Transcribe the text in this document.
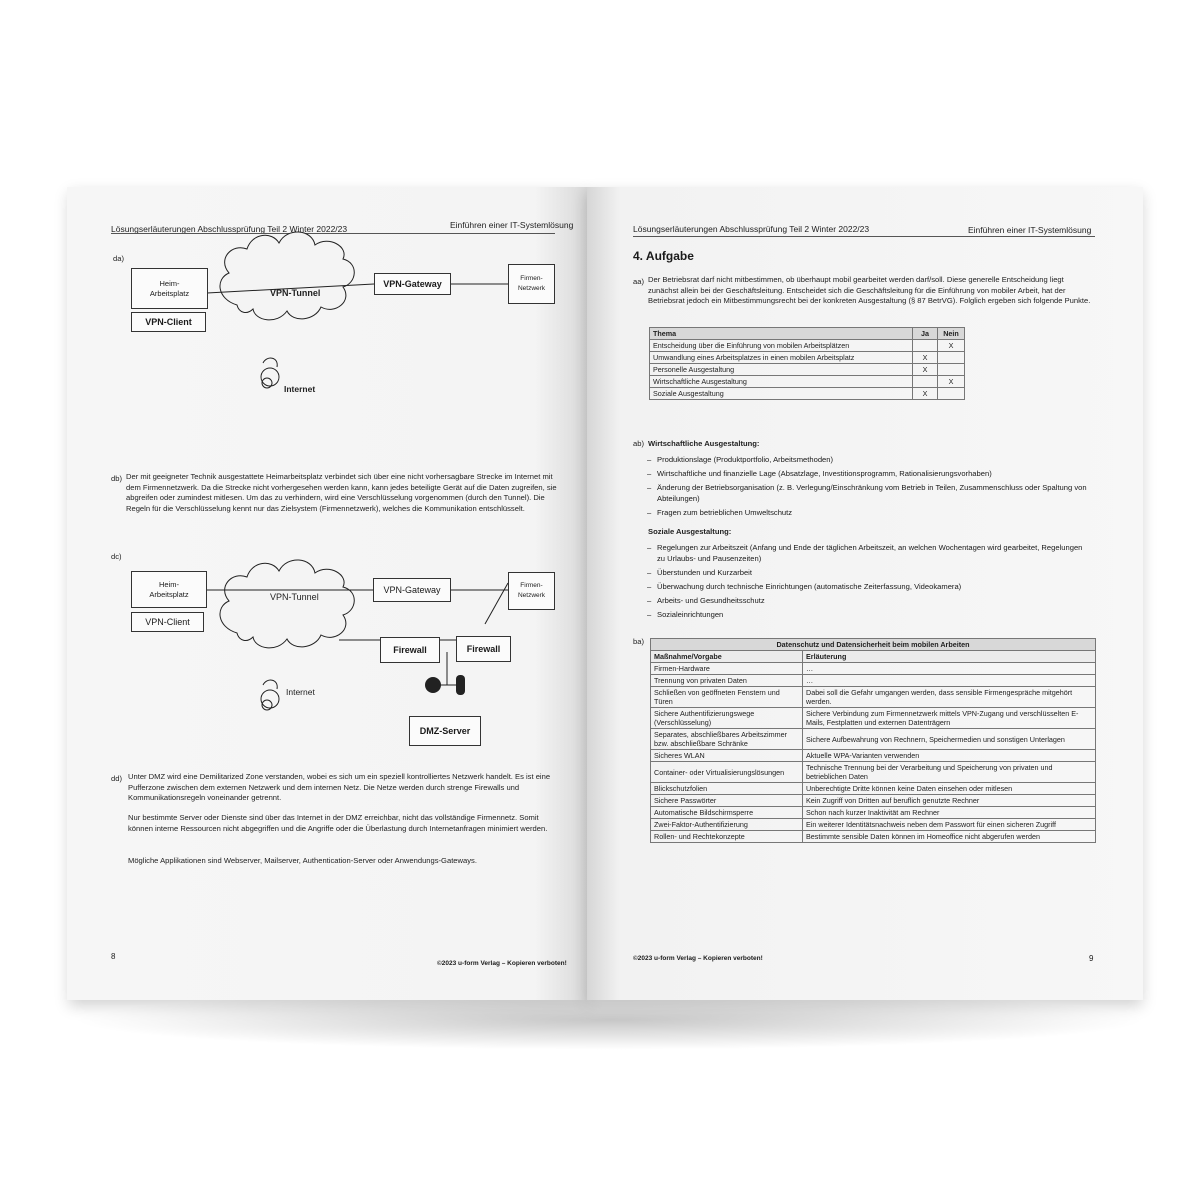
Lösungserläuterungen Abschlussprüfung Teil 2 Winter 2022/23	Einführen einer IT-Systemlösung
da)
Heim-
Arbeitsplatz
VPN-Client
VPN-Tunnel
VPN-Gateway
Firmen-
Netzwerk
Internet
db) Der mit geeigneter Technik ausgestattete Heimarbeitsplatz verbindet sich über eine nicht vorhersagbare Strecke im Internet mit dem Firmennetzwerk. Da die Strecke nicht vorhergesehen werden kann, kann jedes beteiligte Gerät auf die Daten zugreifen, sie abgreifen oder zumindest mitlesen. Um das zu verhindern, wird eine Verschlüsselung vorgenommen (durch den Tunnel). Die Regeln für die Verschlüsselung kennt nur das Zielsystem (Firmennetzwerk), welches die Kommunikation entschlüsselt.
dc)
Heim-
Arbeitsplatz
VPN-Client
VPN-Tunnel
VPN-Gateway	Firmen-
Netzwerk
Firewall	Firewall
DMZ-Server
Internet
dd) Unter DMZ wird eine Demilitarized Zone verstanden, wobei es sich um ein speziell kontrolliertes Netzwerk handelt. Es ist eine Pufferzone zwischen dem externen Netzwerk und dem internen Netz. Die Netze werden durch strenge Firewalls und Kommunikationsregeln voneinander getrennt.
Nur bestimmte Server oder Dienste sind über das Internet in der DMZ erreichbar, nicht das vollständige Firmennetz. Somit können interne Ressourcen nicht abgegriffen und die Angriffe oder die Überlastung durch Internetanfragen minimiert werden.
Mögliche Applikationen sind Webserver, Mailserver, Authentication-Server oder Anwendungs-Gateways.
8
©2023 u-form Verlag – Kopieren verboten!
Lösungserläuterungen Abschlussprüfung Teil 2 Winter 2022/23	Einführen einer IT-Systemlösung
4. Aufgabe
aa) Der Betriebsrat darf nicht mitbestimmen, ob überhaupt mobil gearbeitet werden darf/soll. Diese generelle Entscheidung liegt zunächst allein bei der Geschäftsleitung. Entscheidet sich die Geschäftsleitung für die Einführung von mobiler Arbeit, hat der Betriebsrat jedoch ein Mitbestimmungsrecht bei der konkreten Ausgestaltung (§ 87 BetrVG). Folglich ergeben sich folgende Punkte.
Thema	Ja	Nein
Entscheidung über die Einführung von mobilen Arbeitsplätzen		X
Umwandlung eines Arbeitsplatzes in einen mobilen Arbeitsplatz	X	
Personelle Ausgestaltung	X	
Wirtschaftliche Ausgestaltung		X
Soziale Ausgestaltung	X	
ab) Wirtschaftliche Ausgestaltung:
– Produktionslage (Produktportfolio, Arbeitsmethoden)
– Wirtschaftliche und finanzielle Lage (Absatzlage, Investitionsprogramm, Rationalisierungsvorhaben)
– Änderung der Betriebsorganisation (z. B. Verlegung/Einschränkung vom Betrieb in Teilen, Zusammenschluss oder Spaltung von Abteilungen)
– Fragen zum betrieblichen Umweltschutz
Soziale Ausgestaltung:
– Regelungen zur Arbeitszeit (Anfang und Ende der täglichen Arbeitszeit, an welchen Wochentagen wird gearbeitet, Regelungen zu Urlaubs- und Pausenzeiten)
– Überstunden und Kurzarbeit
– Überwachung durch technische Einrichtungen (automatische Zeiterfassung, Videokamera)
– Arbeits- und Gesundheitsschutz
– Sozialeinrichtungen
ba)	Datenschutz und Datensicherheit beim mobilen Arbeiten	
Maßnahme/Vorgabe	Erläuterung
Firmen-Hardware	…
Trennung von privaten Daten	…
Schließen von geöffneten Fenstern und Türen	Dabei soll die Gefahr umgangen werden, dass sensible Firmengespräche mitgehört werden.
Sichere Authentifizierungswege (Verschlüsselung)	Sichere Verbindung zum Firmennetzwerk mittels VPN-Zugang und verschlüsselten E-Mails, Festplatten und externen Datenträgern
Separates, abschließbares Arbeitszimmer bzw. abschließbare Schränke	Sichere Aufbewahrung von Rechnern, Speichermedien und sonstigen Unterlagen
Sicheres WLAN	Aktuelle WPA-Varianten verwenden
Container- oder Virtualisierungslösungen	Technische Trennung bei der Verarbeitung und Speicherung von privaten und betrieblichen Daten
Blickschutzfolien	Unberechtigte Dritte können keine Daten einsehen oder mitlesen
Sichere Passwörter	Kein Zugriff von Dritten auf beruflich genutzte Rechner
Automatische Bildschirmsperre	Schon nach kurzer Inaktivität am Rechner
Zwei-Faktor-Authentifizierung	Ein weiterer Identitätsnachweis neben dem Passwort für einen sicheren Zugriff
Rollen- und Rechtekonzepte	Bestimmte sensible Daten können im Homeoffice nicht abgerufen werden
©2023 u-form Verlag – Kopieren verboten!	9
